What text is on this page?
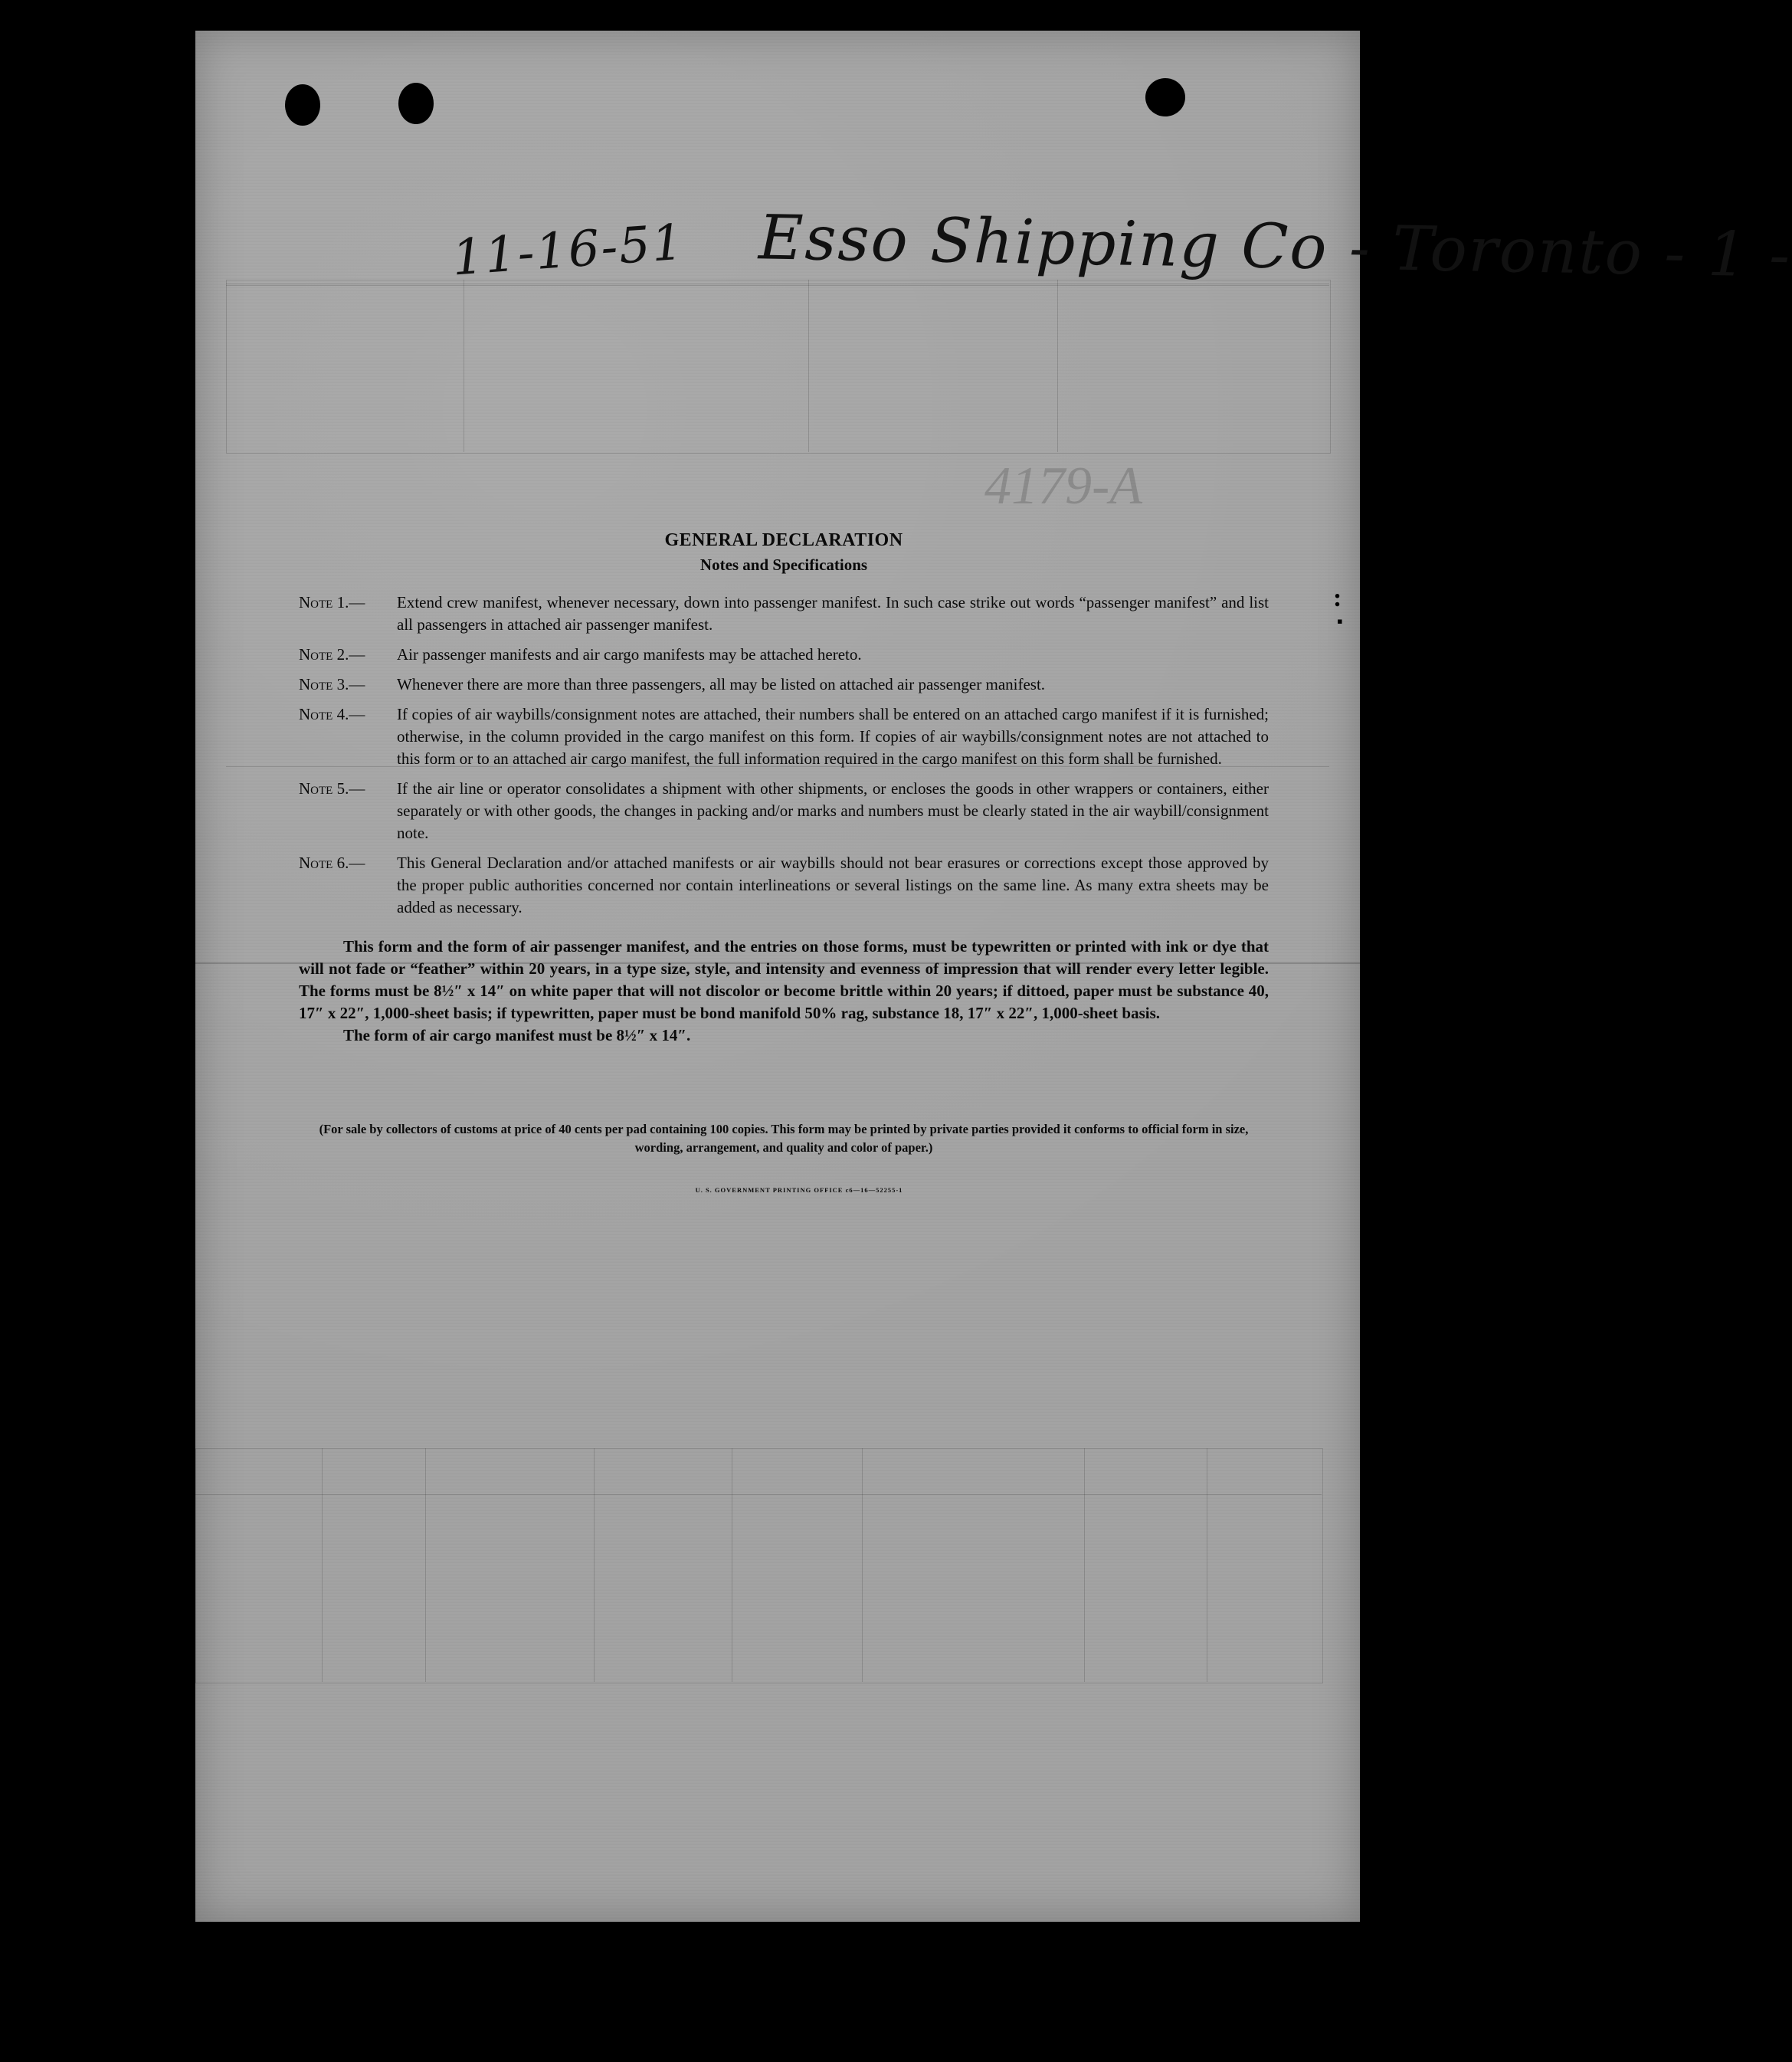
4179-A
11-16-51 Esso Shipping Co - Toronto - 1 -
:
▪
GENERAL DECLARATION
Notes and Specifications
Note 1.—	Extend crew manifest, whenever necessary, down into passenger manifest. In such case strike out words “passenger manifest” and list all passengers in attached air passenger manifest.
Note 2.—	Air passenger manifests and air cargo manifests may be attached hereto.
Note 3.—	Whenever there are more than three passengers, all may be listed on attached air passenger manifest.
Note 4.—	If copies of air waybills/consignment notes are attached, their numbers shall be entered on an attached cargo manifest if it is furnished; otherwise, in the column provided in the cargo manifest on this form. If copies of air waybills/consignment notes are not attached to this form or to an attached air cargo manifest, the full information required in the cargo manifest on this form shall be furnished.
Note 5.—	If the air line or operator consolidates a shipment with other shipments, or encloses the goods in other wrappers or containers, either separately or with other goods, the changes in packing and/or marks and numbers must be clearly stated in the air waybill/consignment note.
Note 6.—	This General Declaration and/or attached manifests or air waybills should not bear erasures or corrections except those approved by the proper public authorities concerned nor contain interlineations or several listings on the same line. As many extra sheets may be added as necessary.
This form and the form of air passenger manifest, and the entries on those forms, must be typewritten or printed with ink or dye that will not fade or “feather” within 20 years, in a type size, style, and intensity and evenness of impression that will render every letter legible. The forms must be 8½″ x 14″ on white paper that will not discolor or become brittle within 20 years; if dittoed, paper must be substance 40, 17″ x 22″, 1,000-sheet basis; if typewritten, paper must be bond manifold 50% rag, substance 18, 17″ x 22″, 1,000-sheet basis.
The form of air cargo manifest must be 8½″ x 14″.
(For sale by collectors of customs at price of 40 cents per pad containing 100 copies. This form may be printed by private parties provided it conforms to official form in size, wording, arrangement, and quality and color of paper.)
U. S. GOVERNMENT PRINTING OFFICE c6—16—52255-1
